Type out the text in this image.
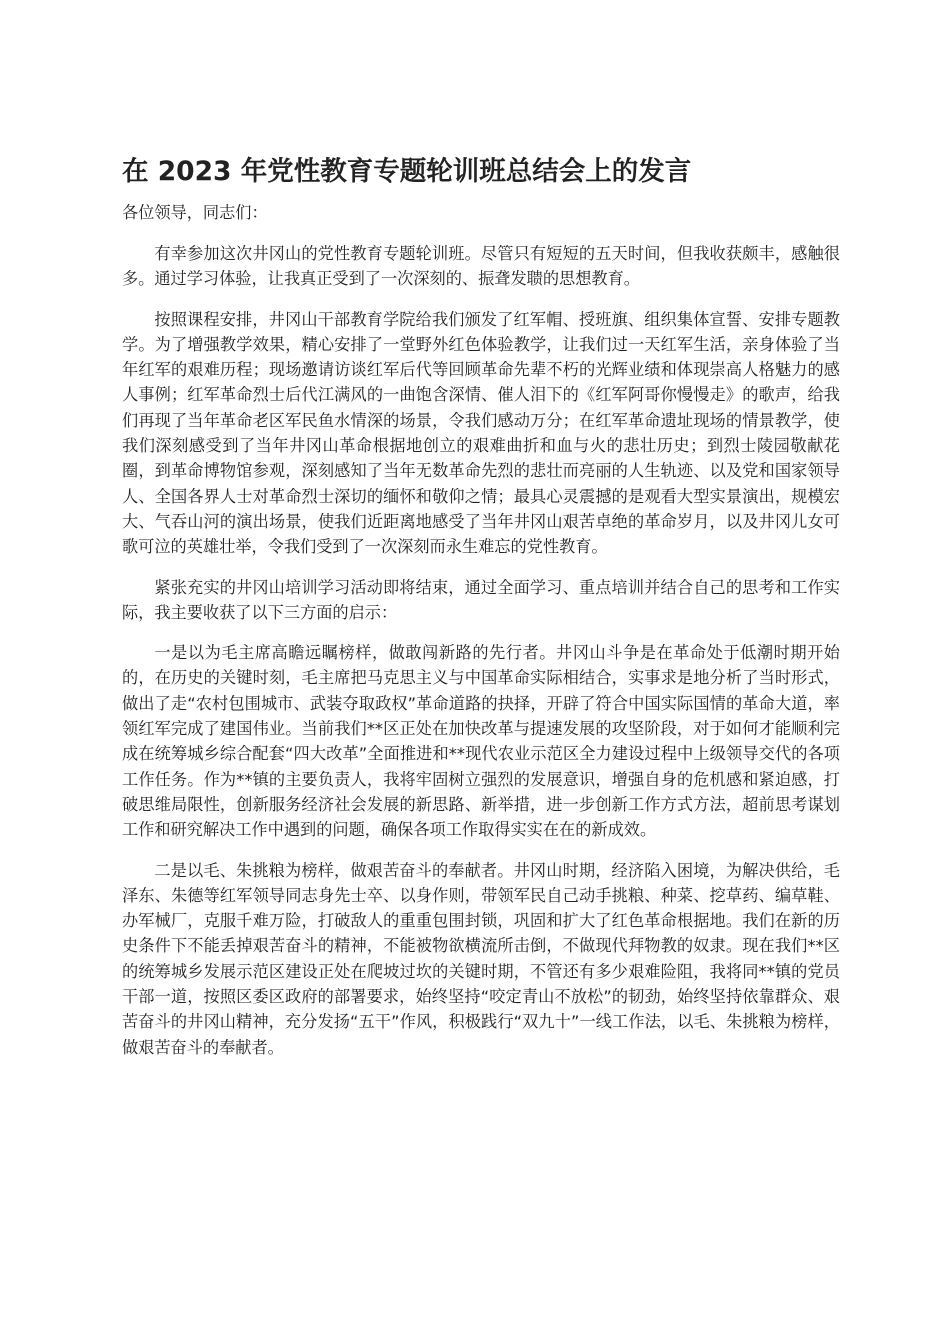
在 2023 年党性教育专题轮训班总结会上的发言

各位领导，同志们：

有幸参加这次井冈山的党性教育专题轮训班。尽管只有短短的五天时间，但我收获颇丰，感触很多。通过学习体验，让我真正受到了一次深刻的、振聋发聩的思想教育。

按照课程安排，井冈山干部教育学院给我们颁发了红军帽、授班旗、组织集体宣誓、安排专题教学。为了增强教学效果，精心安排了一堂野外红色体验教学，让我们过一天红军生活，亲身体验了当年红军的艰难历程；现场邀请访谈红军后代等回顾革命先辈不朽的光辉业绩和体现崇高人格魅力的感人事例；红军革命烈士后代江满风的一曲饱含深情、催人泪下的《红军阿哥你慢慢走》的歌声，给我们再现了当年革命老区军民鱼水情深的场景，令我们感动万分；在红军革命遗址现场的情景教学，使我们深刻感受到了当年井冈山革命根据地创立的艰难曲折和血与火的悲壮历史；到烈士陵园敬献花圈，到革命博物馆参观，深刻感知了当年无数革命先烈的悲壮而亮丽的人生轨迹、以及党和国家领导人、全国各界人士对革命烈士深切的缅怀和敬仰之情；最具心灵震撼的是观看大型实景演出，规模宏大、气吞山河的演出场景，使我们近距离地感受了当年井冈山艰苦卓绝的革命岁月，以及井冈儿女可歌可泣的英雄壮举，令我们受到了一次深刻而永生难忘的党性教育。

紧张充实的井冈山培训学习活动即将结束，通过全面学习、重点培训并结合自己的思考和工作实际，我主要收获了以下三方面的启示：

一是以为毛主席高瞻远瞩榜样，做敢闯新路的先行者。井冈山斗争是在革命处于低潮时期开始的，在历史的关键时刻，毛主席把马克思主义与中国革命实际相结合，实事求是地分析了当时形式，做出了走“农村包围城市、武装夺取政权”革命道路的抉择，开辟了符合中国实际国情的革命大道，率领红军完成了建国伟业。当前我们**区正处在加快改革与提速发展的攻坚阶段，对于如何才能顺利完成在统筹城乡综合配套“四大改革”全面推进和**现代农业示范区全力建设过程中上级领导交代的各项工作任务。作为**镇的主要负责人，我将牢固树立强烈的发展意识，增强自身的危机感和紧迫感，打破思维局限性，创新服务经济社会发展的新思路、新举措，进一步创新工作方式方法，超前思考谋划工作和研究解决工作中遇到的问题，确保各项工作取得实实在在的新成效。

二是以毛、朱挑粮为榜样，做艰苦奋斗的奉献者。井冈山时期，经济陷入困境，为解决供给，毛泽东、朱德等红军领导同志身先士卒、以身作则，带领军民自己动手挑粮、种菜、挖草药、编草鞋、办军械厂，克服千难万险，打破敌人的重重包围封锁，巩固和扩大了红色革命根据地。我们在新的历史条件下不能丢掉艰苦奋斗的精神，不能被物欲横流所击倒，不做现代拜物教的奴隶。现在我们**区的统筹城乡发展示范区建设正处在爬坡过坎的关键时期，不管还有多少艰难险阻，我将同**镇的党员干部一道，按照区委区政府的部署要求，始终坚持“咬定青山不放松”的韧劲，始终坚持依靠群众、艰苦奋斗的井冈山精神，充分发扬“五干”作风，积极践行“双九十”一线工作法，以毛、朱挑粮为榜样，做艰苦奋斗的奉献者。
